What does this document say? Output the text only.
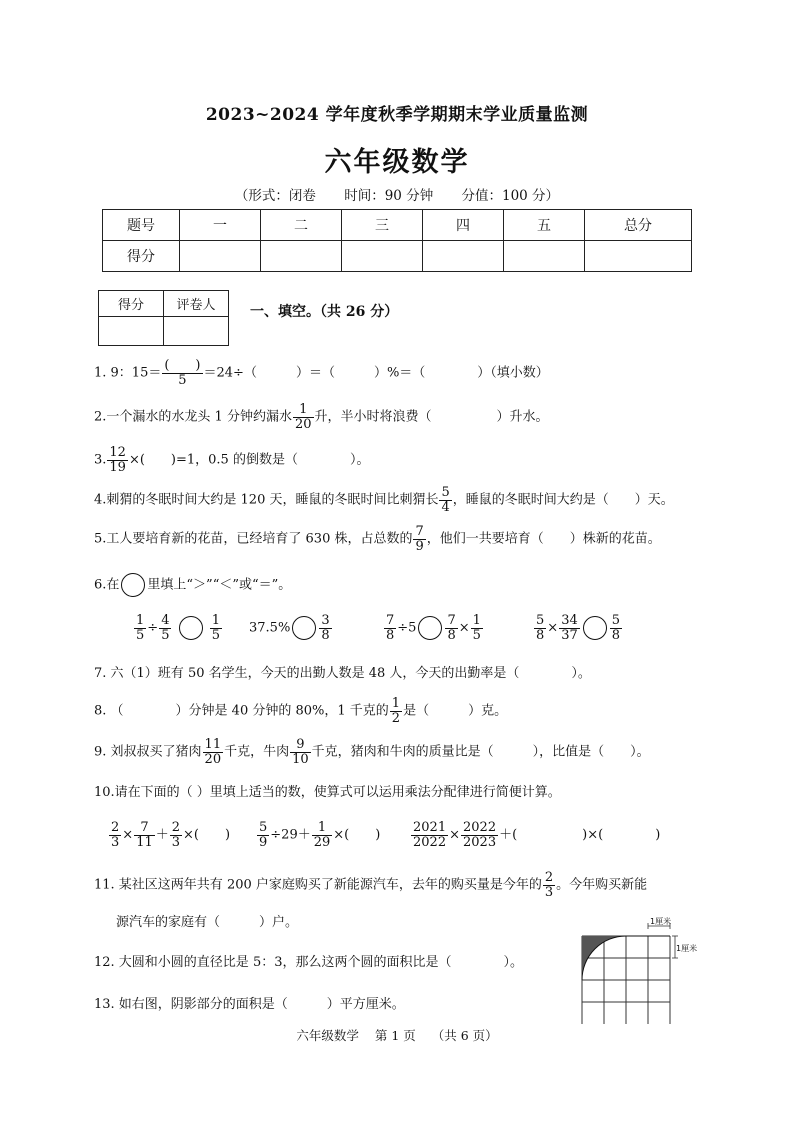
2023~2024 学年度秋季学期期末学业质量监测
六年级数学
（形式：闭卷 时间：90 分钟 分值：100 分）
题号	一	二	三	四	五	总分
得分						
得分	评卷人
	一、填空。（共 26 分）
1. 9：$15= \frac{( )}{5} =24\div$（　　　）＝（　　　）%＝（　　　　）（填小数）
2.一个漏水的水龙头 1 分钟约漏水 $\frac{1}{20}$ 升，半小时将浪费（　　　　　）升水。
3. $\frac{12}{19}$ ×(　　)=1，0.5 的倒数是（　　　　）。
4.刺猬的冬眠时间大约是 120 天，睡鼠的冬眠时间比刺猬长 $\frac{5}{4}$ ，睡鼠的冬眠时间大约是（　　）天。
5.工人要培育新的花苗，已经培育了 630 株，占总数的 $\frac{7}{9}$ ，他们一共要培育（　　）株新的花苗。
6.在 里填上“＞”“＜”或“＝”。
$\frac{1}{5} \div \frac{4}{5}$
	$\frac{1}{5} 37.5\% \frac{3}{8}$	$\frac{7}{8} \div 5 \frac{7}{8} \times \frac{1}{5}$	$\frac{5}{8} \times \frac{34}{37} \frac{5}{8}$
7. 六（1）班有 50 名学生，今天的出勤人数是 48 人，今天的出勤率是（　　　　）。
8. （　　　　）分钟是 40 分钟的 80%，1 千克的 $\frac{1}{2}$ 是（　　　）克。
9. 刘叔叔买了猪肉 $\frac{11}{20}$ 千克，牛肉 $\frac{9}{10}$ 千克，猪肉和牛肉的质量比是（　　　），比值是（　　）。
10.请在下面的（ ）里填上适当的数，使算式可以运用乘法分配律进行简便计算。
$\frac{2}{3} \times \frac{7}{11} + \frac{2}{3}$ ×(　　) $\frac{5}{9} \div 29+ \frac{1}{29}$ ×(　　) $\frac{2021}{2022} \times \frac{2022}{2023}$ ＋(　　　　　)×(　　　　)
11. 某社区这两年共有 200 户家庭购买了新能源汽车，去年的购买量是今年的 $\frac{2}{3}$ 。今年购买新能
源汽车的家庭有（　　　）户。
12. 大圆和小圆的直径比是 5：3，那么这两个圆的面积比是（　　　　）。
13. 如右图，阴影部分的面积是（　　　）平方厘米。
1厘米
1厘米
六年级数学 第 1 页 （共 6 页）
